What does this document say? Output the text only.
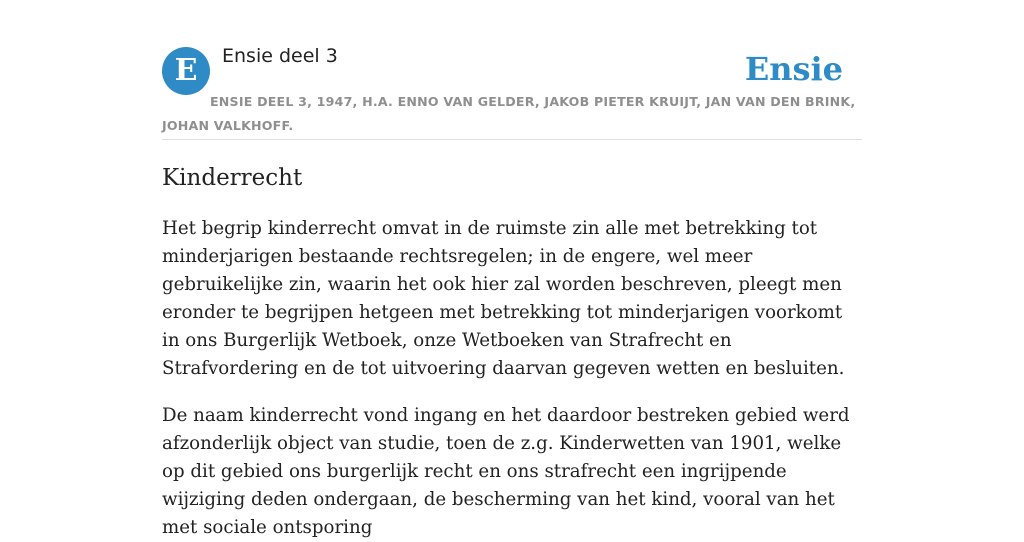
E	Ensie deel 3	Ensie
ENSIE DEEL 3, 1947, H.A. ENNO VAN GELDER, JAKOB PIETER KRUIJT, JAN VAN DEN BRINK, JOHAN VALKHOFF.
Kinderrecht

Het begrip kinderrecht omvat in de ruimste zin alle met betrekking tot minderjarigen bestaande rechtsregelen; in de engere, wel meer gebruikelijke zin, waarin het ook hier zal worden beschreven, pleegt men eronder te begrijpen hetgeen met betrekking tot minderjarigen voorkomt in ons Burgerlijk Wetboek, onze Wetboeken van Strafrecht en Strafvordering en de tot uitvoering daarvan gegeven wetten en besluiten.

De naam kinderrecht vond ingang en het daardoor bestreken gebied werd afzonderlijk object van studie, toen de z.g. Kinderwetten van 1901, welke op dit gebied ons burgerlijk recht en ons strafrecht een ingrijpende wijziging deden ondergaan, de bescherming van het kind, vooral van het met sociale ontsporing
